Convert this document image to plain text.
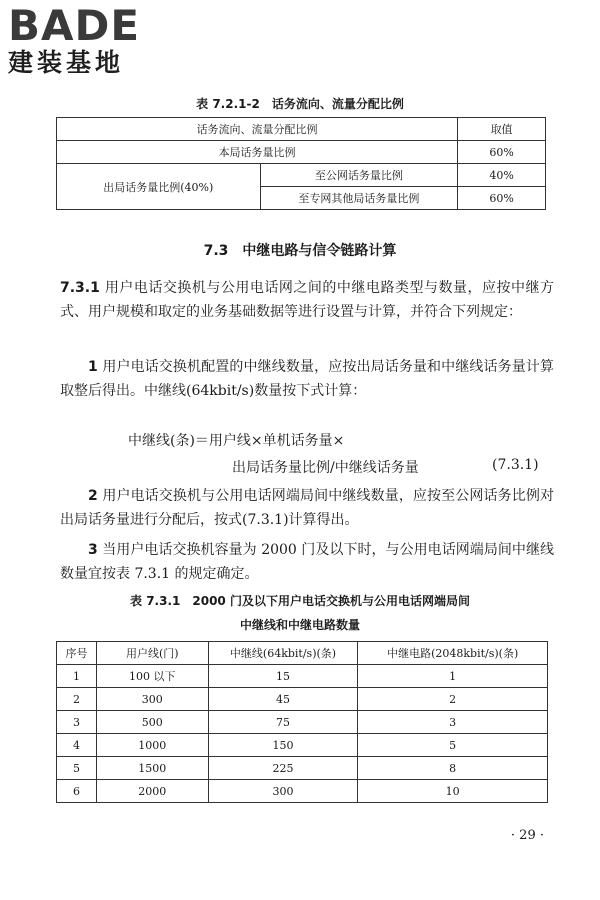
BADE
建装基地
表 7.2.1-2　话务流向、流量分配比例
话务流向、流量分配比例		取值
本局话务量比例		60%
出局话务量比例(40%)	至公网话务量比例	40%
	至专网其他局话务量比例	60%
7.3　中继电路与信令链路计算
7.3.1 用户电话交换机与公用电话网之间的中继电路类型与数量，应按中继方式、用户规模和取定的业务基础数据等进行设置与计算，并符合下列规定：
1 用户电话交换机配置的中继线数量，应按出局话务量和中继线话务量计算取整后得出。中继线(64kbit/s)数量按下式计算：
中继线(条)＝用户线×单机话务量×
出局话务量比例/中继线话务量	(7.3.1)
2 用户电话交换机与公用电话网端局间中继线数量，应按至公网话务比例对出局话务量进行分配后，按式(7.3.1)计算得出。
3 当用户电话交换机容量为 2000 门及以下时，与公用电话网端局间中继线数量宜按表 7.3.1 的规定确定。
表 7.3.1　2000 门及以下用户电话交换机与公用电话网端局间
中继线和中继电路数量
序号	用户线(门)	中继线(64kbit/s)(条)	中继电路(2048kbit/s)(条)
1	100 以下	15	1
2	300	45	2
3	500	75	3
4	1000	150	5
5	1500	225	8
6	2000	300	10
· 29 ·
